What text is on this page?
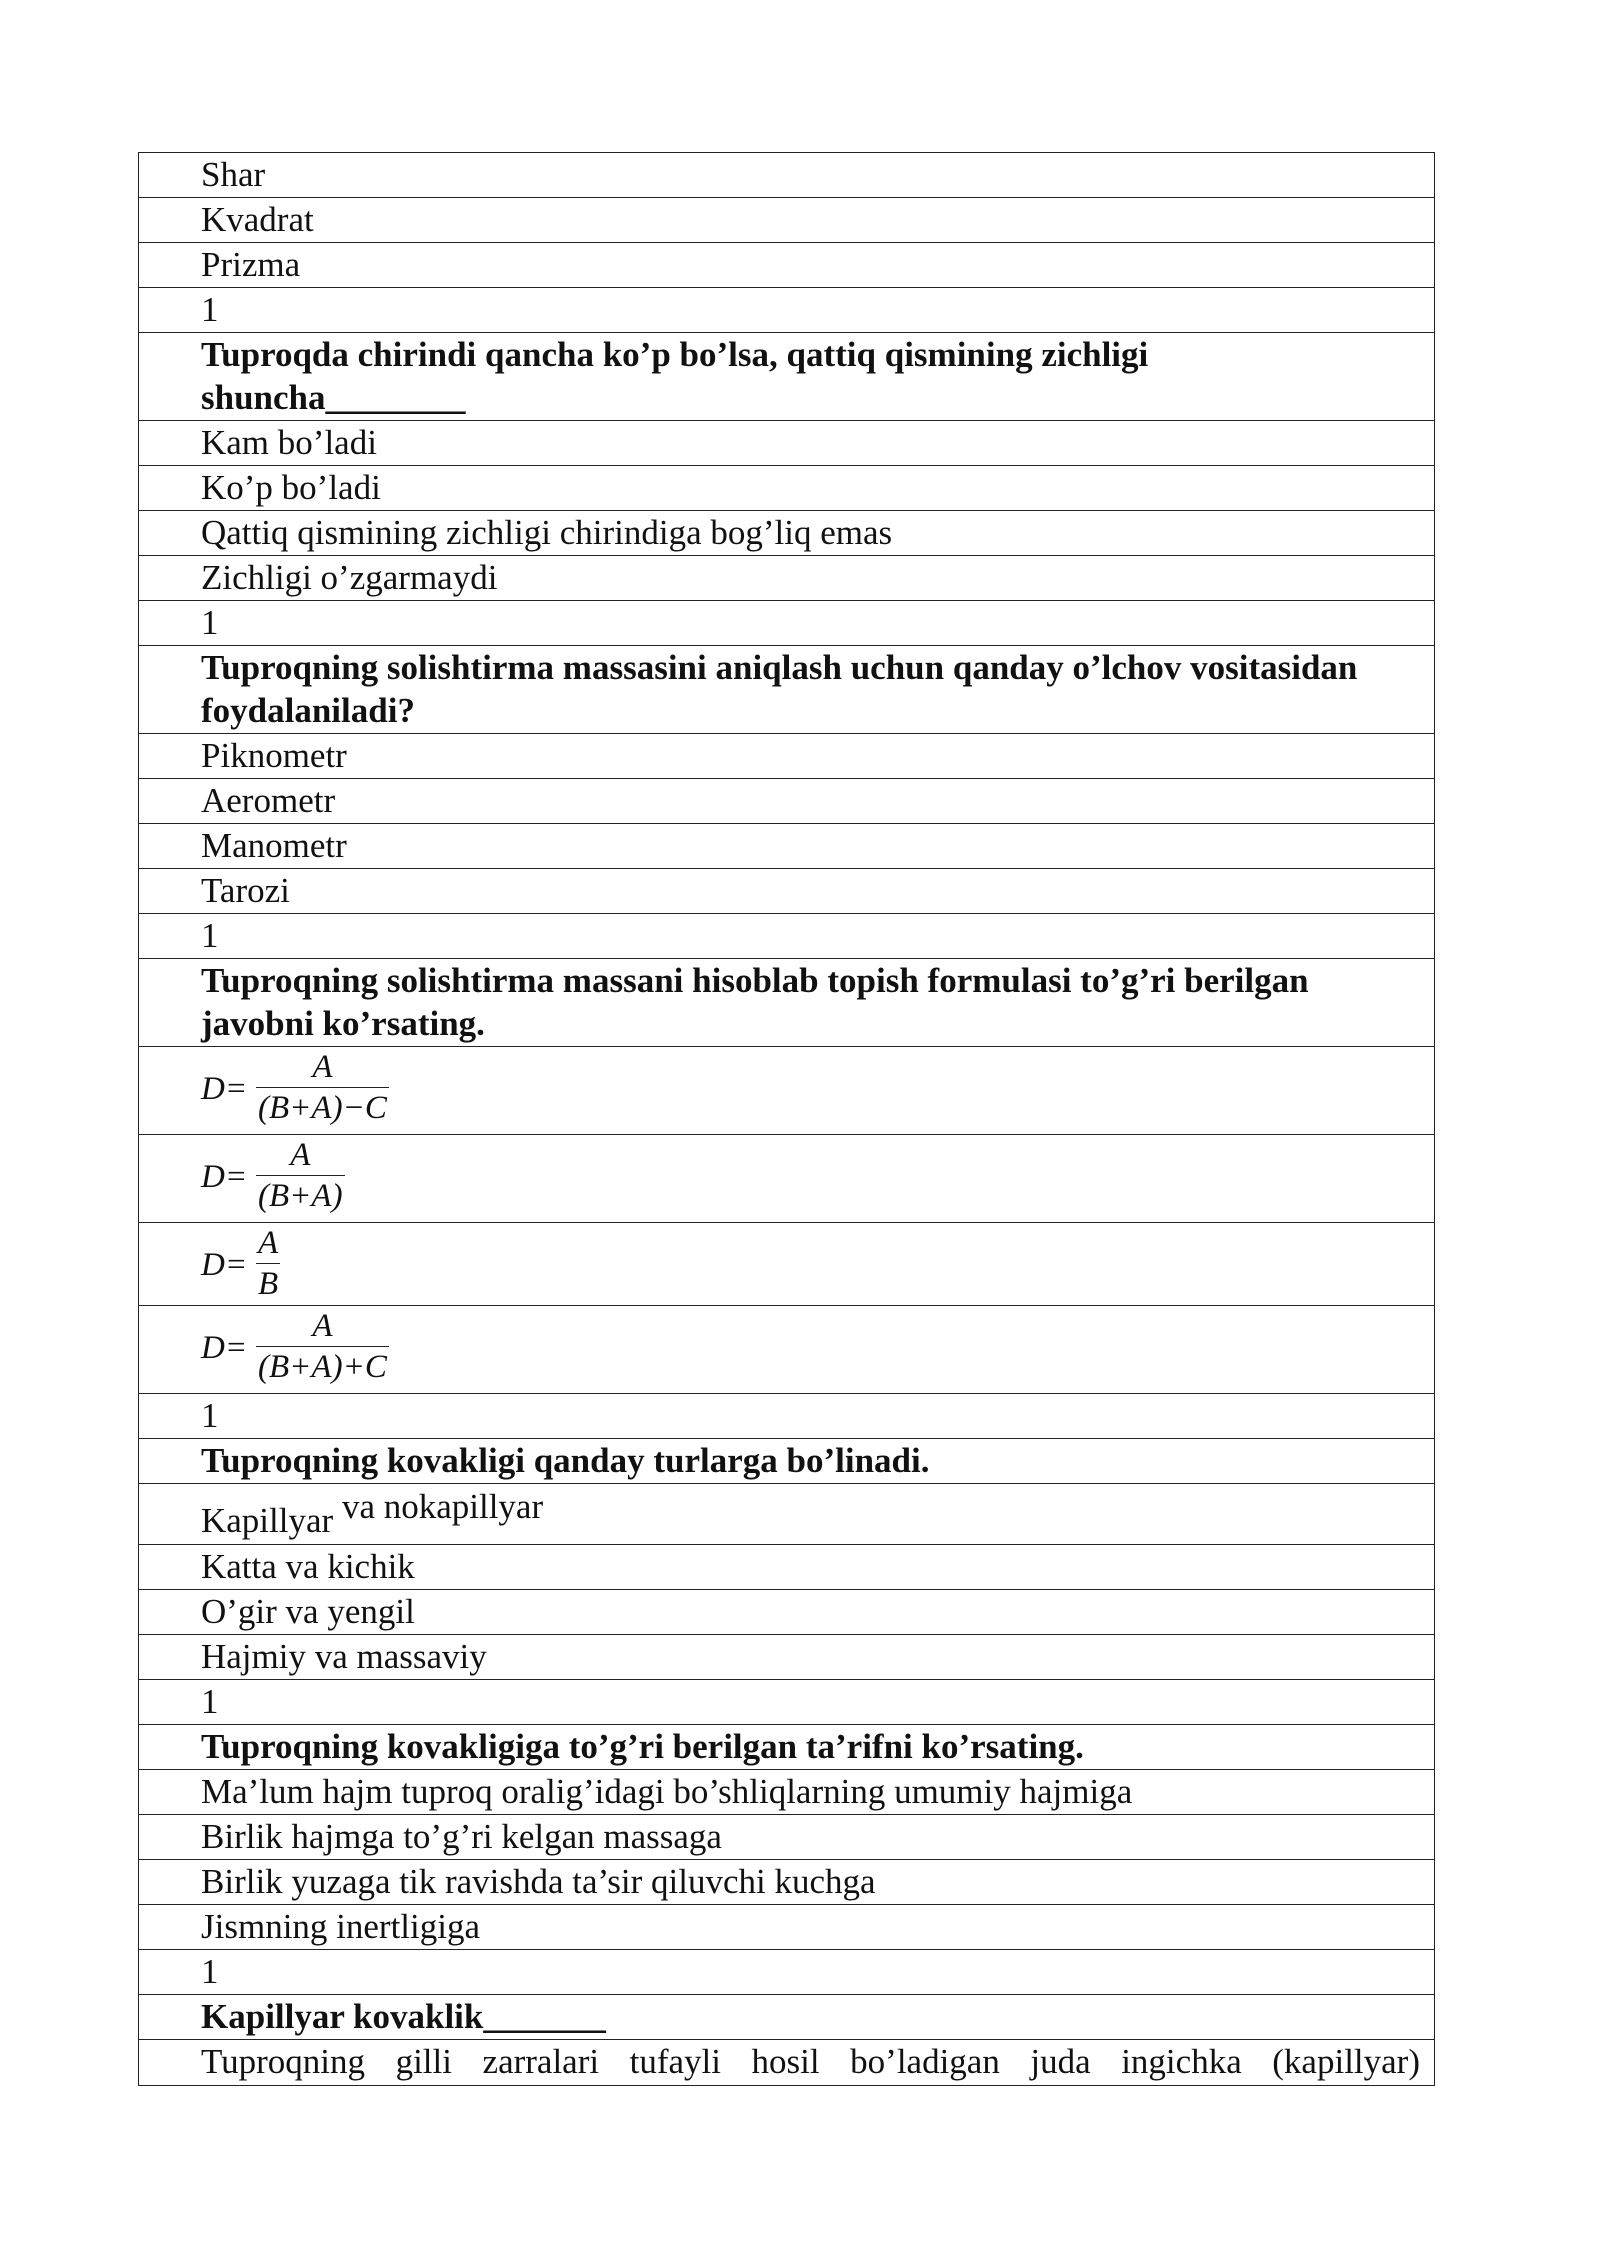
Shar
Kvadrat
Prizma
1
Tuproqda chirindi qancha ko’p bo’lsa, qattiq qismining zichligi shuncha________
Kam bo’ladi
Ko’p bo’ladi
Qattiq qismining zichligi chirindiga bog’liq emas
Zichligi o’zgarmaydi
1
Tuproqning solishtirma massasini aniqlash uchun qanday o’lchov vositasidan foydalaniladi?
Piknometr
Aerometr
Manometr
Tarozi
1
Tuproqning solishtirma massani hisoblab topish formulasi to’g’ri berilgan javobni ko’rsating.
$D= \frac{A}{(B+A)-C}$
$D= \frac{A}{(B+A)}$
$D= \frac{A}{B}$
$D= \frac{A}{(B+A)+C}$
1
Tuproqning kovakligi qanday turlarga bo’linadi.
Kapillyar va nokapillyar
Katta va kichik
O’gir va yengil
Hajmiy va massaviy
1
Tuproqning kovakligiga to’g’ri berilgan ta’rifni ko’rsating.
Ma’lum hajm tuproq oralig’idagi bo’shliqlarning umumiy hajmiga
Birlik hajmga to’g’ri kelgan massaga
Birlik yuzaga tik ravishda ta’sir qiluvchi kuchga
Jismning inertligiga
1
Kapillyar kovaklik_______
Tuproqning gilli zarralari tufayli hosil bo’ladigan juda ingichka (kapillyar)
